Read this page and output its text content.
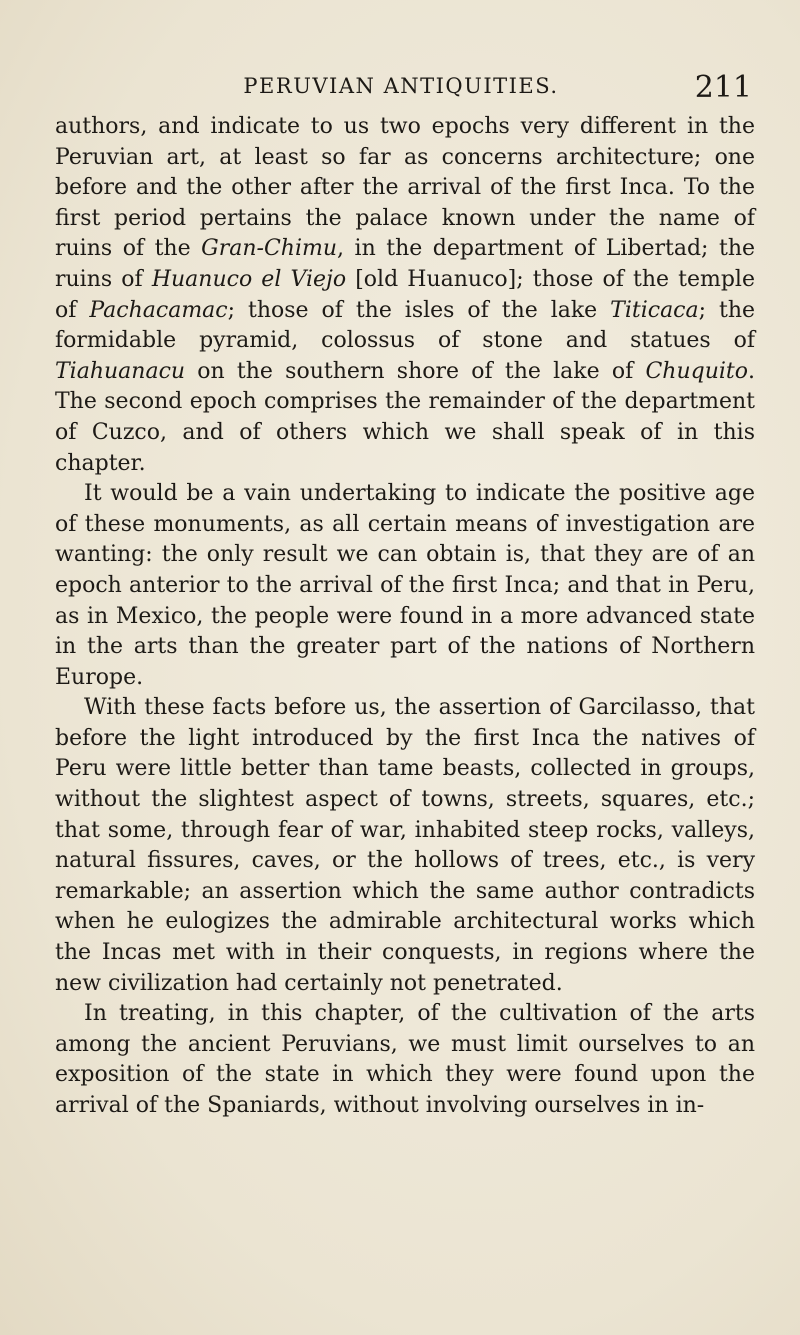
PERUVIAN ANTIQUITIES.	211

authors, and indicate to us two epochs very different in the Peruvian art, at least so far as concerns architecture; one before and the other after the arrival of the first Inca. To the first period pertains the palace known under the name of ruins of the Gran-Chimu, in the department of Libertad; the ruins of Huanuco el Viejo [old Huanuco]; those of the temple of Pachacamac; those of the isles of the lake Titicaca; the formidable pyramid, colossus of stone and statues of Tiahuanacu on the southern shore of the lake of Chuquito. The second epoch comprises the remainder of the department of Cuzco, and of others which we shall speak of in this chapter.

It would be a vain undertaking to indicate the positive age of these monuments, as all certain means of investigation are wanting: the only result we can obtain is, that they are of an epoch anterior to the arrival of the first Inca; and that in Peru, as in Mexico, the people were found in a more advanced state in the arts than the greater part of the nations of Northern Europe.

With these facts before us, the assertion of Garcilasso, that before the light introduced by the first Inca the natives of Peru were little better than tame beasts, collected in groups, without the slightest aspect of towns, streets, squares, etc.; that some, through fear of war, inhabited steep rocks, valleys, natural fissures, caves, or the hollows of trees, etc., is very remarkable; an assertion which the same author contradicts when he eulogizes the admirable architectural works which the Incas met with in their conquests, in regions where the new civilization had certainly not penetrated.

In treating, in this chapter, of the cultivation of the arts among the ancient Peruvians, we must limit ourselves to an exposition of the state in which they were found upon the arrival of the Spaniards, without involving ourselves in in-
